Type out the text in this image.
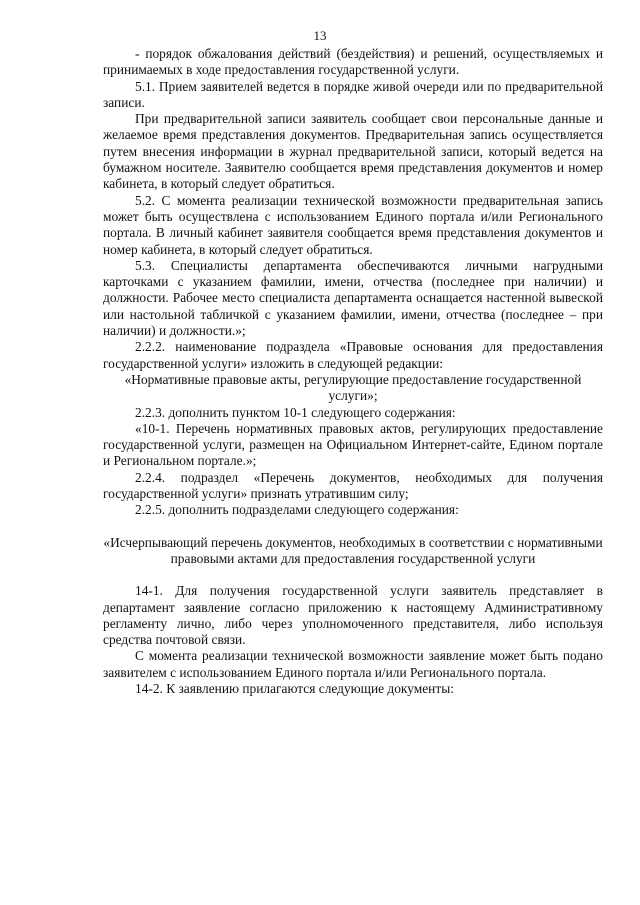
13

- порядок обжалования действий (бездействия) и решений, осуществляемых и принимаемых в ходе предоставления государственной услуги.

5.1. Прием заявителей ведется в порядке живой очереди или по предварительной записи.

При предварительной записи заявитель сообщает свои персональные данные и желаемое время представления документов. Предварительная запись осуществляется путем внесения информации в журнал предварительной записи, который ведется на бумажном носителе. Заявителю сообщается время представления документов и номер кабинета, в который следует обратиться.

5.2. С момента реализации технической возможности предварительная запись может быть осуществлена с использованием Единого портала и/или Регионального портала. В личный кабинет заявителя сообщается время представления документов и номер кабинета, в который следует обратиться.

5.3. Специалисты департамента обеспечиваются личными нагрудными карточками с указанием фамилии, имени, отчества (последнее при наличии) и должности. Рабочее место специалиста департамента оснащается настенной вывеской или настольной табличкой с указанием фамилии, имени, отчества (последнее – при наличии) и должности.»;

2.2.2. наименование подраздела «Правовые основания для предоставления государственной услуги» изложить в следующей редакции:

«Нормативные правовые акты, регулирующие предоставление государственной услуги»;

2.2.3. дополнить пунктом 10-1 следующего содержания:

«10-1. Перечень нормативных правовых актов, регулирующих предоставление государственной услуги, размещен на Официальном Интернет-сайте, Едином портале и Региональном портале.»;

2.2.4. подраздел «Перечень документов, необходимых для получения государственной услуги» признать утратившим силу;

2.2.5. дополнить подразделами следующего содержания:

«Исчерпывающий перечень документов, необходимых в соответствии с нормативными правовыми актами для предоставления государственной услуги

14-1. Для получения государственной услуги заявитель представляет в департамент заявление согласно приложению к настоящему Административному регламенту лично, либо через уполномоченного представителя, либо используя средства почтовой связи.

С момента реализации технической возможности заявление может быть подано заявителем с использованием Единого портала и/или Регионального портала.

14-2. К заявлению прилагаются следующие документы:
